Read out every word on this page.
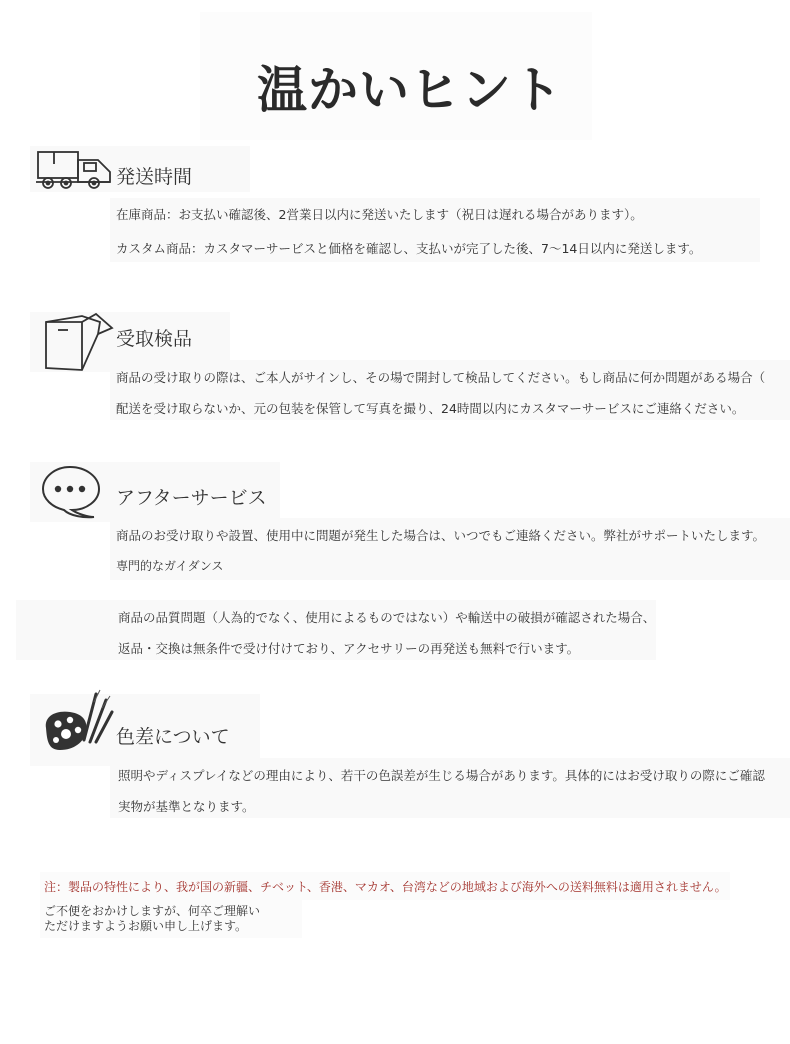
温かいヒント
発送時間
在庫商品：お支払い確認後、2営業日以内に発送いたします（祝日は遅れる場合があります）。
カスタム商品：カスタマーサービスと価格を確認し、支払いが完了した後、7～14日以内に発送します。
受取検品
商品の受け取りの際は、ご本人がサインし、その場で開封して検品してください。もし商品に何か問題がある場合（
配送を受け取らないか、元の包装を保管して写真を撮り、24時間以内にカスタマーサービスにご連絡ください。
アフターサービス
商品のお受け取りや設置、使用中に問題が発生した場合は、いつでもご連絡ください。弊社がサポートいたします。
専門的なガイダンス
商品の品質問題（人為的でなく、使用によるものではない）や輸送中の破損が確認された場合、
返品・交換は無条件で受け付けており、アクセサリーの再発送も無料で行います。
色差について
照明やディスプレイなどの理由により、若干の色誤差が生じる場合があります。具体的にはお受け取りの際にご確認
実物が基準となります。
注：製品の特性により、我が国の新疆、チベット、香港、マカオ、台湾などの地域および海外への送料無料は適用されません。
ご不便をおかけしますが、何卒ご理解い
ただけますようお願い申し上げます。
